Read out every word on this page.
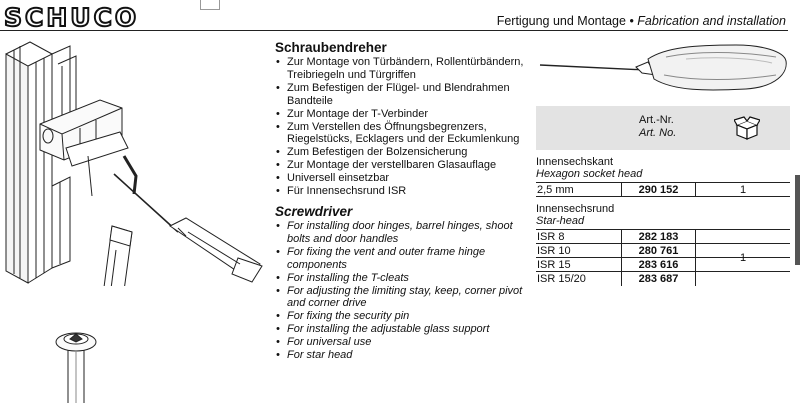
SCHUCO	Fertigung und Montage • Fabrication and installation
Schraubendreher
• Zur Montage von Türbändern, Rollentürbändern, Treibriegeln und Türgriffen
• Zum Befestigen der Flügel- und Blendrahmen Bandteile
• Zur Montage der T-Verbinder
• Zum Verstellen des Öffnungsbegrenzers, Riegelstücks, Ecklagers und der Eckumlenkung
• Zum Befestigen der Bolzensicherung
• Zur Montage der verstellbaren Glasauflage
• Universell einsetzbar
• Für Innensechsrund ISR
Screwdriver
• For installing door hinges, barrel hinges, shoot bolts and door handles
• For fixing the vent and outer frame hinge components
• For installing the T-cleats
• For adjusting the limiting stay, keep, corner pivot and corner drive
• For fixing the security pin
• For installing the adjustable glass support
• For universal use
• For star head
Art.-Nr.
Art. No.
Innensechskant
Hexagon socket head
2,5 mm	290 152	1
Innensechsrund
Star-head
ISR 8	282 183
ISR 10	280 761
ISR 15	283 616
ISR 15/20	283 687
1
